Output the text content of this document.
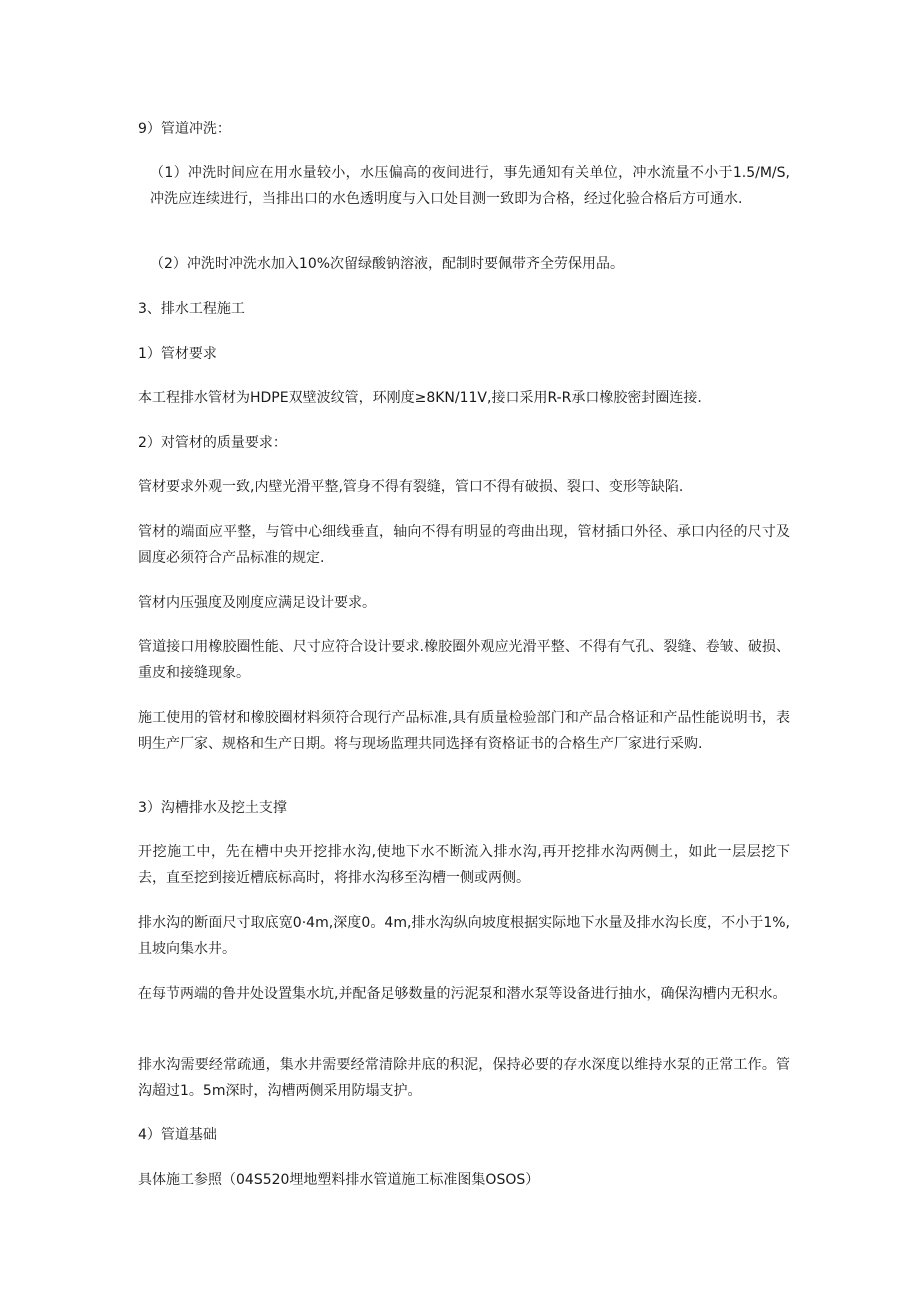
9）管道冲洗：

（1）冲洗时间应在用水量较小，水压偏高的夜间进行，事先通知有关单位，冲水流量不小于1.5/M/S,冲洗应连续进行，当排出口的水色透明度与入口处目测一致即为合格，经过化验合格后方可通水.

（2）冲洗时冲洗水加入10%次留绿酸钠溶液，配制时要佩带齐全劳保用品。

3、排水工程施工

1）管材要求

本工程排水管材为HDPE双壁波纹管，环刚度≥8KN/11V,接口采用R-R承口橡胶密封圈连接.

2）对管材的质量要求：

管材要求外观一致,内壁光滑平整,管身不得有裂缝，管口不得有破损、裂口、变形等缺陷.

管材的端面应平整，与管中心细线垂直，轴向不得有明显的弯曲出现，管材插口外径、承口内径的尺寸及圆度必须符合产品标准的规定.

管材内压强度及刚度应满足设计要求。

管道接口用橡胶圈性能、尺寸应符合设计要求.橡胶圈外观应光滑平整、不得有气孔、裂缝、卷皱、破损、重皮和接缝现象。

施工使用的管材和橡胶圈材料须符合现行产品标准,具有质量检验部门和产品合格证和产品性能说明书，表明生产厂家、规格和生产日期。将与现场监理共同选择有资格证书的合格生产厂家进行采购.

3）沟槽排水及挖土支撑

开挖施工中，先在槽中央开挖排水沟,使地下水不断流入排水沟,再开挖排水沟两侧土，如此一层层挖下去，直至挖到接近槽底标高时，将排水沟移至沟槽一侧或两侧。

排水沟的断面尺寸取底宽0·4m,深度0。4m,排水沟纵向坡度根据实际地下水量及排水沟长度，不小于1%,且坡向集水井。

在每节两端的鲁井处设置集水坑,并配备足够数量的污泥泵和潜水泵等设备进行抽水，确保沟槽内无积水。

排水沟需要经常疏通，集水井需要经常清除井底的积泥，保持必要的存水深度以维持水泵的正常工作。管沟超过1。5m深时，沟槽两侧采用防塌支护。

4）管道基础

具体施工参照（04S520埋地塑料排水管道施工标准图集OSOS）
